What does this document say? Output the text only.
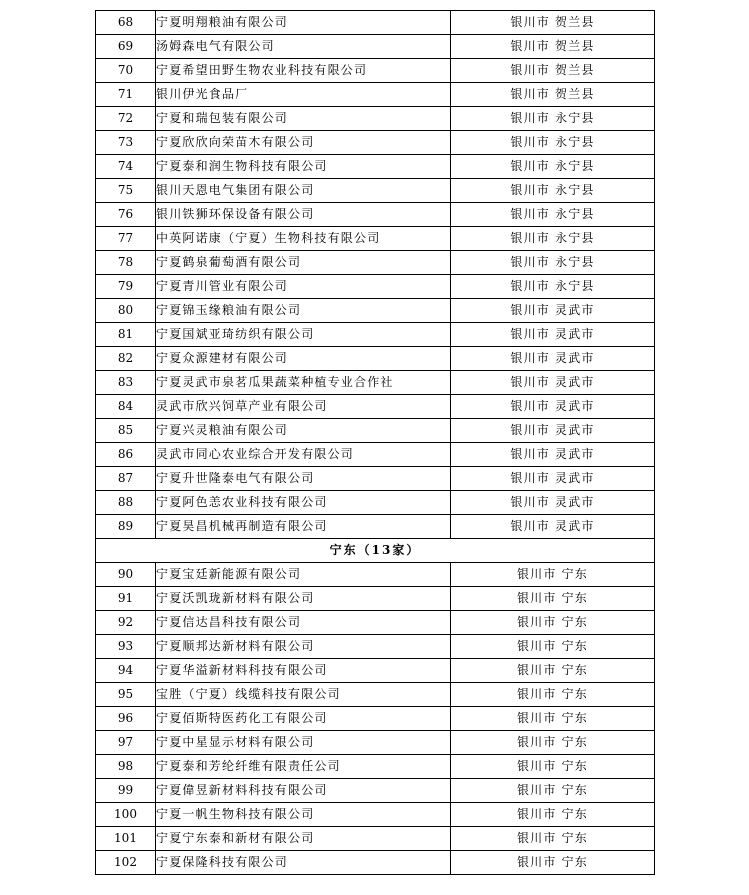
68	宁夏明翔粮油有限公司	银川市 贺兰县
69	汤姆森电气有限公司	银川市 贺兰县
70	宁夏希望田野生物农业科技有限公司	银川市 贺兰县
71	银川伊光食品厂	银川市 贺兰县
72	宁夏和瑞包装有限公司	银川市 永宁县
73	宁夏欣欣向荣苗木有限公司	银川市 永宁县
74	宁夏泰和润生物科技有限公司	银川市 永宁县
75	银川天恩电气集团有限公司	银川市 永宁县
76	银川铁狮环保设备有限公司	银川市 永宁县
77	中英阿诺康（宁夏）生物科技有限公司	银川市 永宁县
78	宁夏鹤泉葡萄酒有限公司	银川市 永宁县
79	宁夏青川管业有限公司	银川市 永宁县
80	宁夏锦玉缘粮油有限公司	银川市 灵武市
81	宁夏国斌亚琦纺织有限公司	银川市 灵武市
82	宁夏众源建材有限公司	银川市 灵武市
83	宁夏灵武市泉茗瓜果蔬菜种植专业合作社	银川市 灵武市
84	灵武市欣兴饲草产业有限公司	银川市 灵武市
85	宁夏兴灵粮油有限公司	银川市 灵武市
86	灵武市同心农业综合开发有限公司	银川市 灵武市
87	宁夏升世隆泰电气有限公司	银川市 灵武市
88	宁夏阿色恙农业科技有限公司	银川市 灵武市
89	宁夏昊昌机械再制造有限公司	银川市 灵武市
宁东（13家）		
90	宁夏宝廷新能源有限公司	银川市 宁东
91	宁夏沃凯珑新材料有限公司	银川市 宁东
92	宁夏信达昌科技有限公司	银川市 宁东
93	宁夏顺邦达新材料有限公司	银川市 宁东
94	宁夏华溢新材料科技有限公司	银川市 宁东
95	宝胜（宁夏）线缆科技有限公司	银川市 宁东
96	宁夏佰斯特医药化工有限公司	银川市 宁东
97	宁夏中星显示材料有限公司	银川市 宁东
98	宁夏泰和芳纶纤维有限责任公司	银川市 宁东
99	宁夏偉昱新材料科技有限公司	银川市 宁东
100	宁夏一帆生物科技有限公司	银川市 宁东
101	宁夏宁东泰和新材有限公司	银川市 宁东
102	宁夏保隆科技有限公司	银川市 宁东
